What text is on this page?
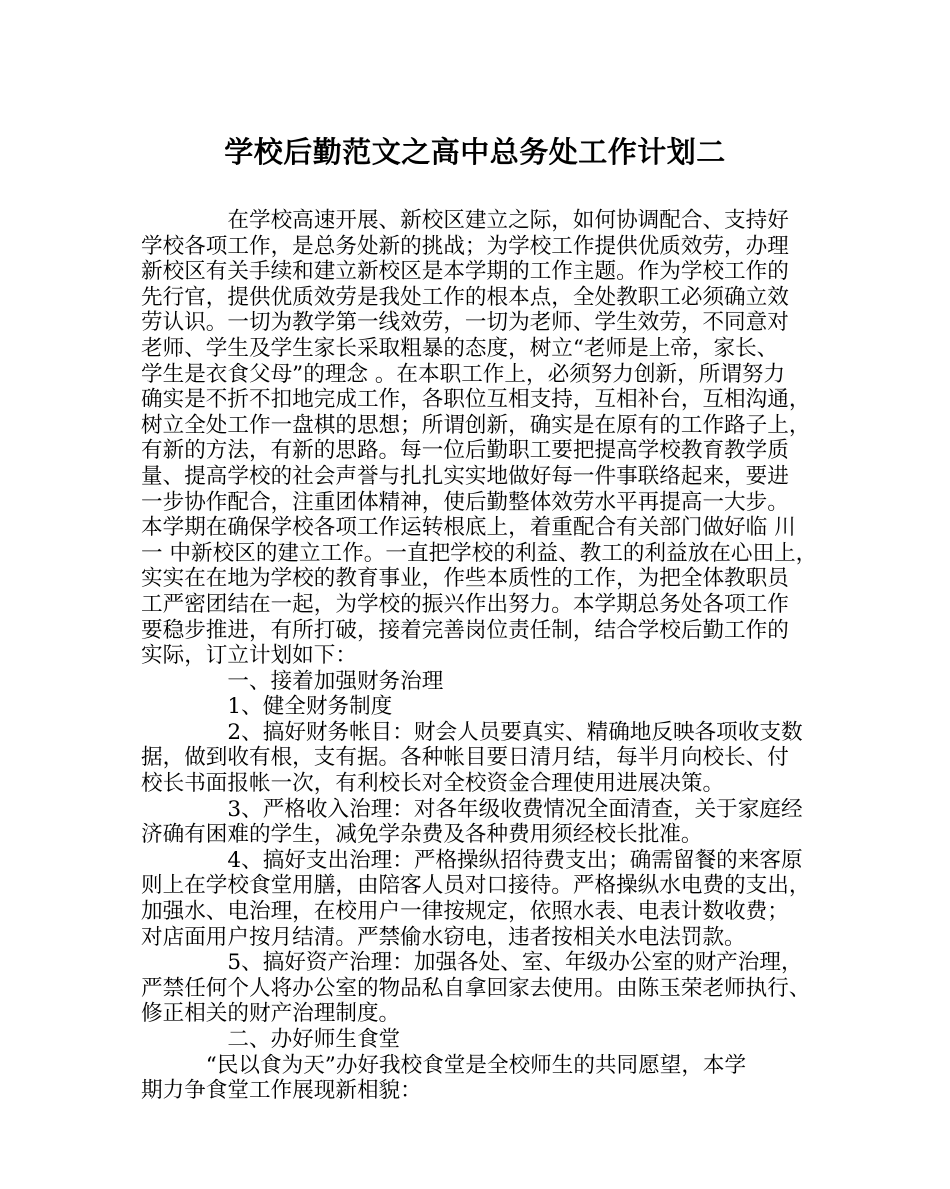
学校后勤范文之高中总务处工作计划二
　　　　在学校高速开展、新校区建立之际，如何协调配合、支持好
学校各项工作，是总务处新的挑战；为学校工作提供优质效劳，办理
新校区有关手续和建立新校区是本学期的工作主题。作为学校工作的
先行官，提供优质效劳是我处工作的根本点，全处教职工必须确立效
劳认识。一切为教学第一线效劳，一切为老师、学生效劳，不同意对
老师、学生及学生家长采取粗暴的态度，树立“老师是上帝，家长、
学生是衣食父母”的理念 。在本职工作上，必须努力创新，所谓努力
确实是不折不扣地完成工作，各职位互相支持，互相补台，互相沟通，
树立全处工作一盘棋的思想；所谓创新，确实是在原有的工作路子上，
有新的方法，有新的思路。每一位后勤职工要把提高学校教育教学质
量、提高学校的社会声誉与扎扎实实地做好每一件事联络起来，要进
一步协作配合，注重团体精神，使后勤整体效劳水平再提高一大步。
本学期在确保学校各项工作运转根底上，着重配合有关部门做好临 川
一 中新校区的建立工作。一直把学校的利益、教工的利益放在心田上，
实实在在地为学校的教育事业，作些本质性的工作，为把全体教职员
工严密团结在一起，为学校的振兴作出努力。本学期总务处各项工作
要稳步推进，有所打破，接着完善岗位责任制，结合学校后勤工作的
实际，订立计划如下：
　　　　一、接着加强财务治理
　　　　1、健全财务制度
　　　　2、搞好财务帐目：财会人员要真实、精确地反映各项收支数
据，做到收有根，支有据。各种帐目要日清月结，每半月向校长、付
校长书面报帐一次，有利校长对全校资金合理使用进展决策。
　　　　3、严格收入治理：对各年级收费情况全面清查，关于家庭经
济确有困难的学生，减免学杂费及各种费用须经校长批准。
　　　　4、搞好支出治理：严格操纵招待费支出；确需留餐的来客原
则上在学校食堂用膳，由陪客人员对口接待。严格操纵水电费的支出，
加强水、电治理，在校用户一律按规定，依照水表、电表计数收费；
对店面用户按月结清。严禁偷水窃电，违者按相关水电法罚款。
　　　　5、搞好资产治理：加强各处、室、年级办公室的财产治理，
严禁任何个人将办公室的物品私自拿回家去使用。由陈玉荣老师执行、
修正相关的财产治理制度。
　　　　二、办好师生食堂
　　　“民以食为天”办好我校食堂是全校师生的共同愿望，本学
期力争食堂工作展现新相貌：
